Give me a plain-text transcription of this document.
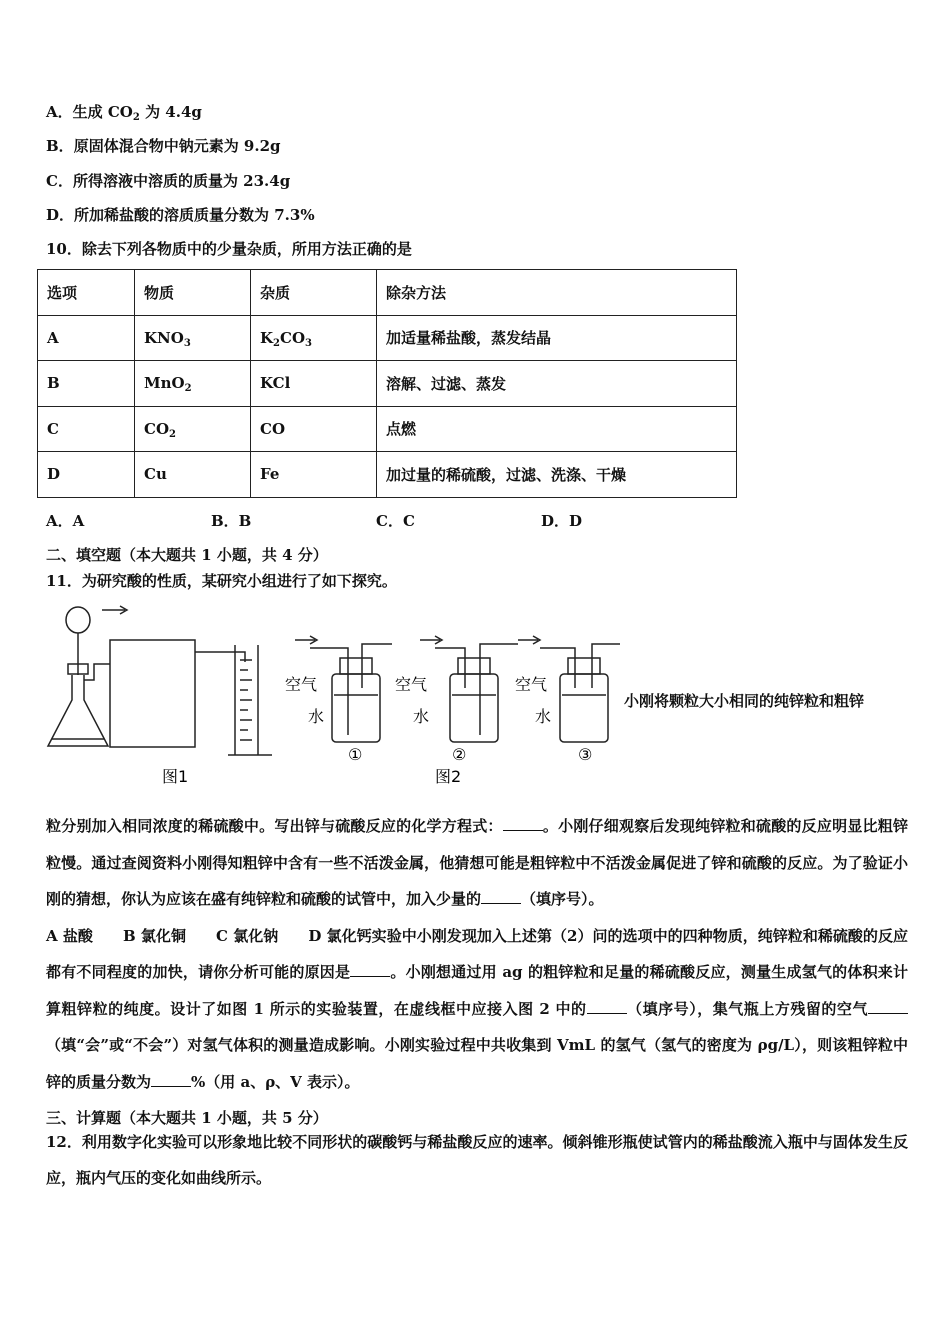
A．生成 $CO_2$ 为 4.4g
B．原固体混合物中钠元素为 9.2g
C．所得溶液中溶质的质量为 23.4g
D．所加稀盐酸的溶质质量分数为 7.3%
10．除去下列各物质中的少量杂质，所用方法正确的是
选项	物质	杂质	除杂方法
A	$KNO_3$	$K_2CO_3$	加适量稀盐酸，蒸发结晶
B	MnO$_2$	KCl	溶解、过滤、蒸发
C	$CO_2$	CO	点燃
D	Cu	Fe	加过量的稀硫酸，过滤、洗涤、干燥
A．A	B．B	C．C	D．D
二、填空题（本大题共 1 小题，共 4 分）
11．为研究酸的性质，某研究小组进行了如下探究。
图1	图2
空气	空气	空气
水	水	水
①	②	③
小刚将颗粒大小相同的纯锌粒和粗锌
粒分别加入相同浓度的稀硫酸中。写出锌与硫酸反应的化学方程式：	。小刚仔细观察后发现纯锌粒和硫酸的反应明显比粗锌粒慢。通过查阅资料小刚得知粗锌中含有一些不活泼金属，他猜想可能是粗锌粒中不活泼金属促进了锌和硫酸的反应。为了验证小刚的猜想，你认为应该在盛有纯锌粒和硫酸的试管中，加入少量的	（填序号）。
A 盐酸　　B 氯化铜　　C 氯化钠　　D 氯化钙实验中小刚发现加入上述第（2）问的选项中的四种物质，纯锌粒和稀硫酸的反应都有不同程度的加快，请你分析可能的原因是	。小刚想通过用 ag 的粗锌粒和足量的稀硫酸反应，测量生成氢气的体积来计算粗锌粒的纯度。设计了如图 1 所示的实验装置，在虚线框中应接入图 2 中的	（填序号），集气瓶上方残留的空气（填“会”或“不会”）对氢气体积的测量造成影响。小刚实验过程中共收集到 VmL 的氢气（氢气的密度为 ρg/L），则该粗锌粒中锌的质量分数为	%（用 a、ρ、V 表示）。
三、计算题（本大题共 1 小题，共 5 分）
12．利用数字化实验可以形象地比较不同形状的碳酸钙与稀盐酸反应的速率。倾斜锥形瓶使试管内的稀盐酸流入瓶中与固体发生反应，瓶内气压的变化如曲线所示。
